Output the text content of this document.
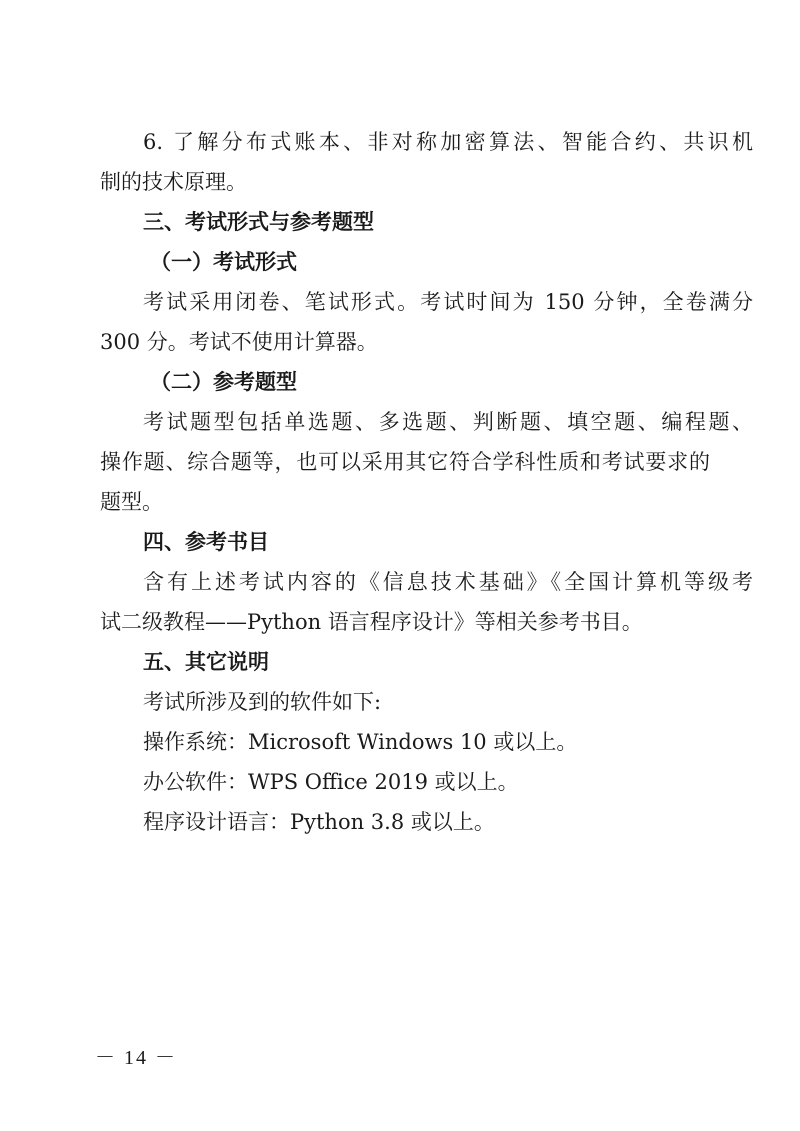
6. 了解分布式账本、非对称加密算法、智能合约、共识机

制的技术原理。

三、考试形式与参考题型

（一）考试形式

考试采用闭卷、笔试形式。考试时间为 150 分钟，全卷满分

300 分。考试不使用计算器。

（二）参考题型

考试题型包括单选题、多选题、判断题、填空题、编程题、

操作题、综合题等，也可以采用其它符合学科性质和考试要求的

题型。

四、参考书目

含有上述考试内容的《信息技术基础》《全国计算机等级考

试二级教程——Python 语言程序设计》等相关参考书目。

五、其它说明

考试所涉及到的软件如下:

操作系统：Microsoft Windows 10 或以上。

办公软件：WPS Office 2019 或以上。

程序设计语言：Python 3.8 或以上。

－ 14 －
